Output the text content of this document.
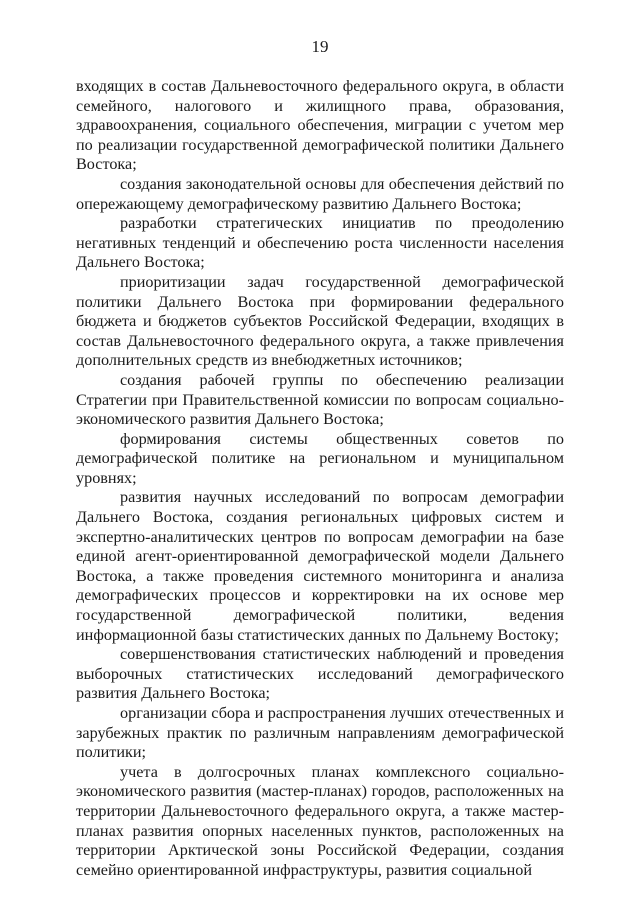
19

входящих в состав Дальневосточного федерального округа, в области семейного, налогового и жилищного права, образования, здравоохранения, социального обеспечения, миграции с учетом мер по реализации государственной демографической политики Дальнего Востока;

создания законодательной основы для обеспечения действий по опережающему демографическому развитию Дальнего Востока;

разработки стратегических инициатив по преодолению негативных тенденций и обеспечению роста численности населения Дальнего Востока;

приоритизации задач государственной демографической политики Дальнего Востока при формировании федерального бюджета и бюджетов субъектов Российской Федерации, входящих в состав Дальневосточного федерального округа, а также привлечения дополнительных средств из внебюджетных источников;

создания рабочей группы по обеспечению реализации Стратегии при Правительственной комиссии по вопросам социально-экономического развития Дальнего Востока;

формирования системы общественных советов по демографической политике на региональном и муниципальном уровнях;

развития научных исследований по вопросам демографии Дальнего Востока, создания региональных цифровых систем и экспертно-аналитических центров по вопросам демографии на базе единой агент-ориентированной демографической модели Дальнего Востока, а также проведения системного мониторинга и анализа демографических процессов и корректировки на их основе мер государственной демографической политики, ведения информационной базы статистических данных по Дальнему Востоку;

совершенствования статистических наблюдений и проведения выборочных статистических исследований демографического развития Дальнего Востока;

организации сбора и распространения лучших отечественных и зарубежных практик по различным направлениям демографической политики;

учета в долгосрочных планах комплексного социально-экономического развития (мастер-планах) городов, расположенных на территории Дальневосточного федерального округа, а также мастер-планах развития опорных населенных пунктов, расположенных на территории Арктической зоны Российской Федерации, создания семейно ориентированной инфраструктуры, развития социальной
